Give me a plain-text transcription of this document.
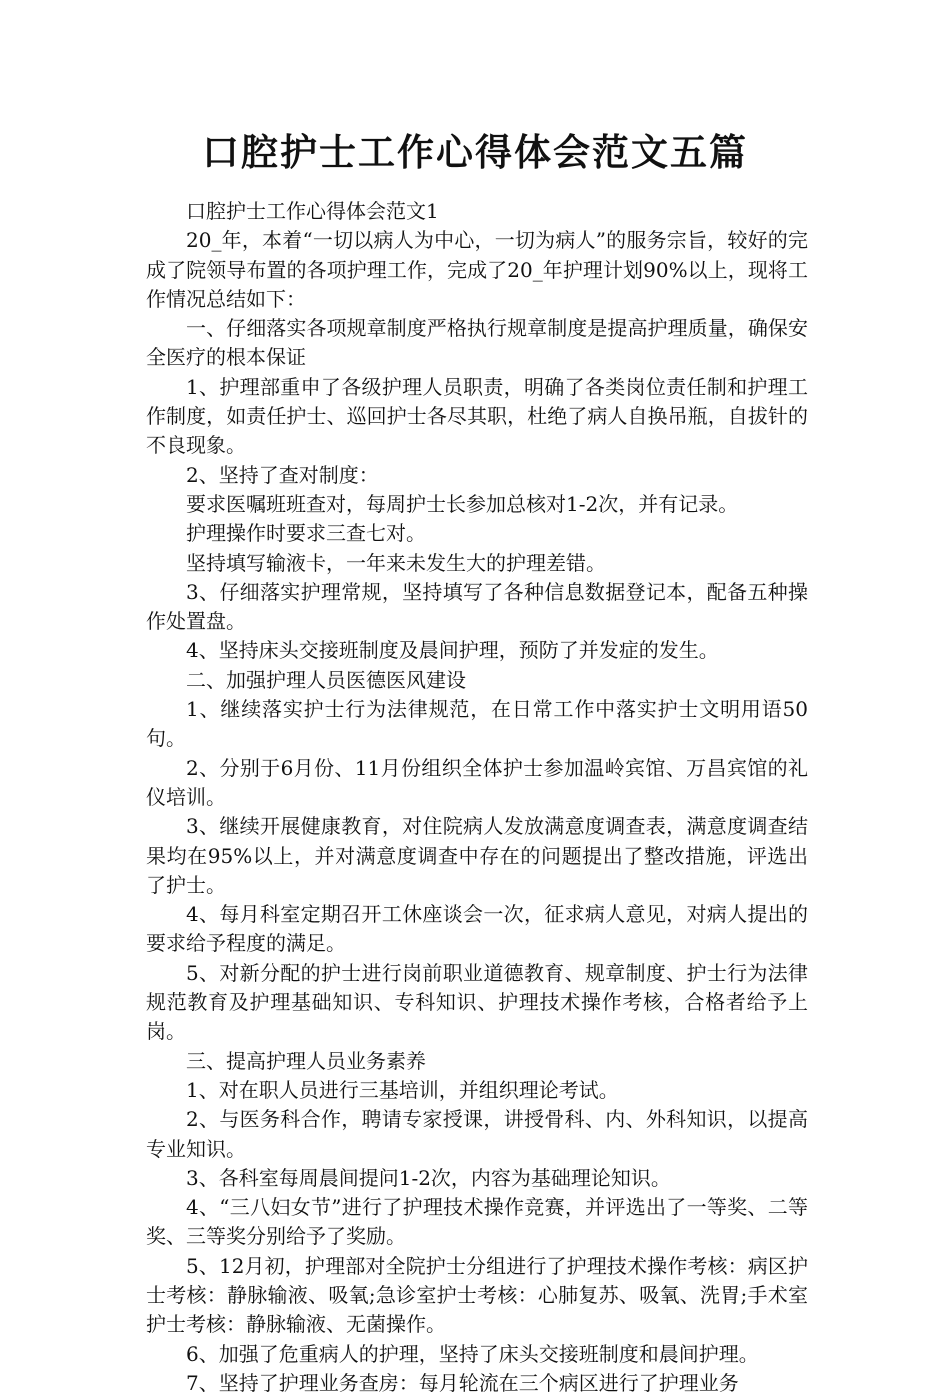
口腔护士工作心得体会范文五篇

口腔护士工作心得体会范文1

20_年，本着“一切以病人为中心，一切为病人”的服务宗旨，较好的完成了院领导布置的各项护理工作，完成了20_年护理计划90%以上，现将工作情况总结如下：

一、仔细落实各项规章制度严格执行规章制度是提高护理质量，确保安全医疗的根本保证

1、护理部重申了各级护理人员职责，明确了各类岗位责任制和护理工作制度，如责任护士、巡回护士各尽其职，杜绝了病人自换吊瓶，自拔针的不良现象。

2、坚持了查对制度：

要求医嘱班班查对，每周护士长参加总核对1-2次，并有记录。

护理操作时要求三查七对。

坚持填写输液卡，一年来未发生大的护理差错。

3、仔细落实护理常规，坚持填写了各种信息数据登记本，配备五种操作处置盘。

4、坚持床头交接班制度及晨间护理，预防了并发症的发生。

二、加强护理人员医德医风建设

1、继续落实护士行为法律规范，在日常工作中落实护士文明用语50句。

2、分别于6月份、11月份组织全体护士参加温岭宾馆、万昌宾馆的礼仪培训。

3、继续开展健康教育，对住院病人发放满意度调查表，满意度调查结果均在95%以上，并对满意度调查中存在的问题提出了整改措施，评选出了护士。

4、每月科室定期召开工休座谈会一次，征求病人意见，对病人提出的要求给予程度的满足。

5、对新分配的护士进行岗前职业道德教育、规章制度、护士行为法律规范教育及护理基础知识、专科知识、护理技术操作考核，合格者给予上岗。

三、提高护理人员业务素养

1、对在职人员进行三基培训，并组织理论考试。

2、与医务科合作，聘请专家授课，讲授骨科、内、外科知识，以提高专业知识。

3、各科室每周晨间提问1-2次，内容为基础理论知识。

4、“三八妇女节”进行了护理技术操作竞赛，并评选出了一等奖、二等奖、三等奖分别给予了奖励。

5、12月初，护理部对全院护士分组进行了护理技术操作考核：病区护士考核：静脉输液、吸氧;急诊室护士考核：心肺复苏、吸氧、洗胃;手术室护士考核：静脉输液、无菌操作。

6、加强了危重病人的护理，坚持了床头交接班制度和晨间护理。

7、坚持了护理业务查房：每月轮流在三个病区进行了护理业务
